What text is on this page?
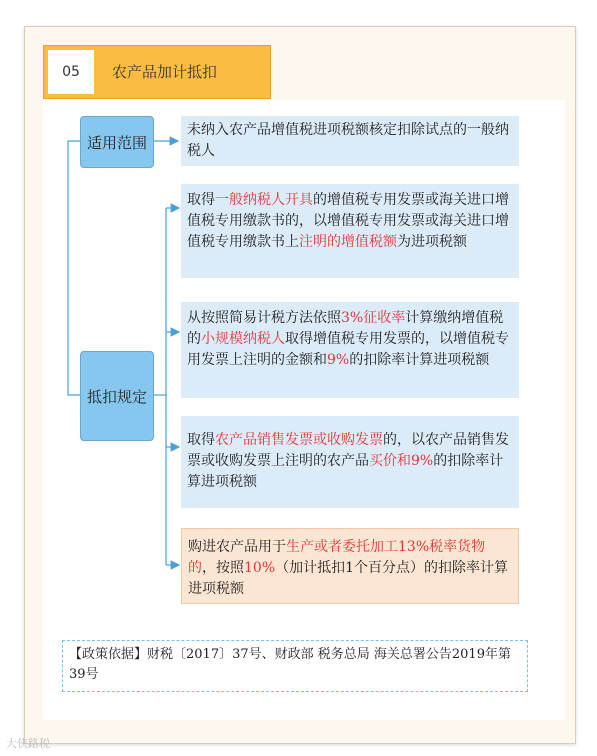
05	农产品加计抵扣
适用范围
抵扣规定
未纳入农产品增值税进项税额核定扣除试点的一般纳税人
取得一般纳税人开具的增值税专用发票或海关进口增值税专用缴款书的，以增值税专用发票或海关进口增值税专用缴款书上注明的增值税额为进项税额
从按照简易计税方法依照3%征收率计算缴纳增值税的小规模纳税人取得增值税专用发票的，以增值税专用发票上注明的金额和9%的扣除率计算进项税额
取得农产品销售发票或收购发票的，以农产品销售发票或收购发票上注明的农产品买价和9%的扣除率计算进项税额
购进农产品用于生产或者委托加工13%税率货物的，按照10%（加计抵扣1个百分点）的扣除率计算进项税额
【政策依据】财税〔2017〕37号、财政部 税务总局 海关总署公告2019年第39号
大侠路税
